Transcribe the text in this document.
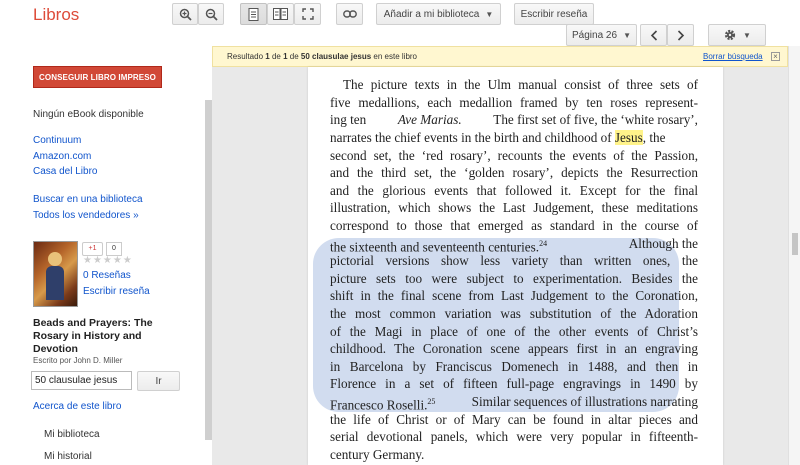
Libros	Añadir a mi biblioteca ▼	Escribir reseña
Página 26 ▼	▼
Resultado 1 de 1 de 50 clausulae jesus en este libro	Borrar búsqueda ×
CONSEGUIR LIBRO IMPRESO
Ningún eBook disponible
Continuum
Amazon.com
Casa del Libro
Buscar en una biblioteca
Todos los vendedores »
+1	0
★★★★★
0 Reseñas
Escribir reseña
Beads and Prayers: The
Rosary in History and
Devotion
Escrito por John D. Miller
50 clausulae jesus
Ir
Acerca de este libro
Mi biblioteca
Mi historial
The picture texts in the Ulm manual consist of three sets of
five medallions, each medallion framed by ten roses represent-
ing ten Ave Marias. The first set of five, the ‘white rosary’,
narrates the chief events in the birth and childhood of Jesus, the
second set, the ‘red rosary’, recounts the events of the Passion,
and the third set, the ‘golden rosary’, depicts the Resurrection
and the glorious events that followed it. Except for the final
illustration, which shows the Last Judgement, these meditations
correspond to those that emerged as standard in the course of
the sixteenth and seventeenth centuries.$^{24}$	Although the
pictorial versions show less variety than written ones, the
picture sets too were subject to experimentation. Besides the
shift in the final scene from Last Judgement to the Coronation,
the most common variation was substitution of the Adoration
of the Magi in place of one of the other events of Christ’s
childhood. The Coronation scene appears first in an engraving
in Barcelona by Franciscus Domenech in 1488, and then in
Florence in a set of fifteen full-page engravings in 1490 by
Francesco Roselli.$^{25}$	Similar sequences of illustrations narrating
the life of Christ or of Mary can be found in altar pieces and
serial devotional panels, which were very popular in fifteenth-
century Germany.
